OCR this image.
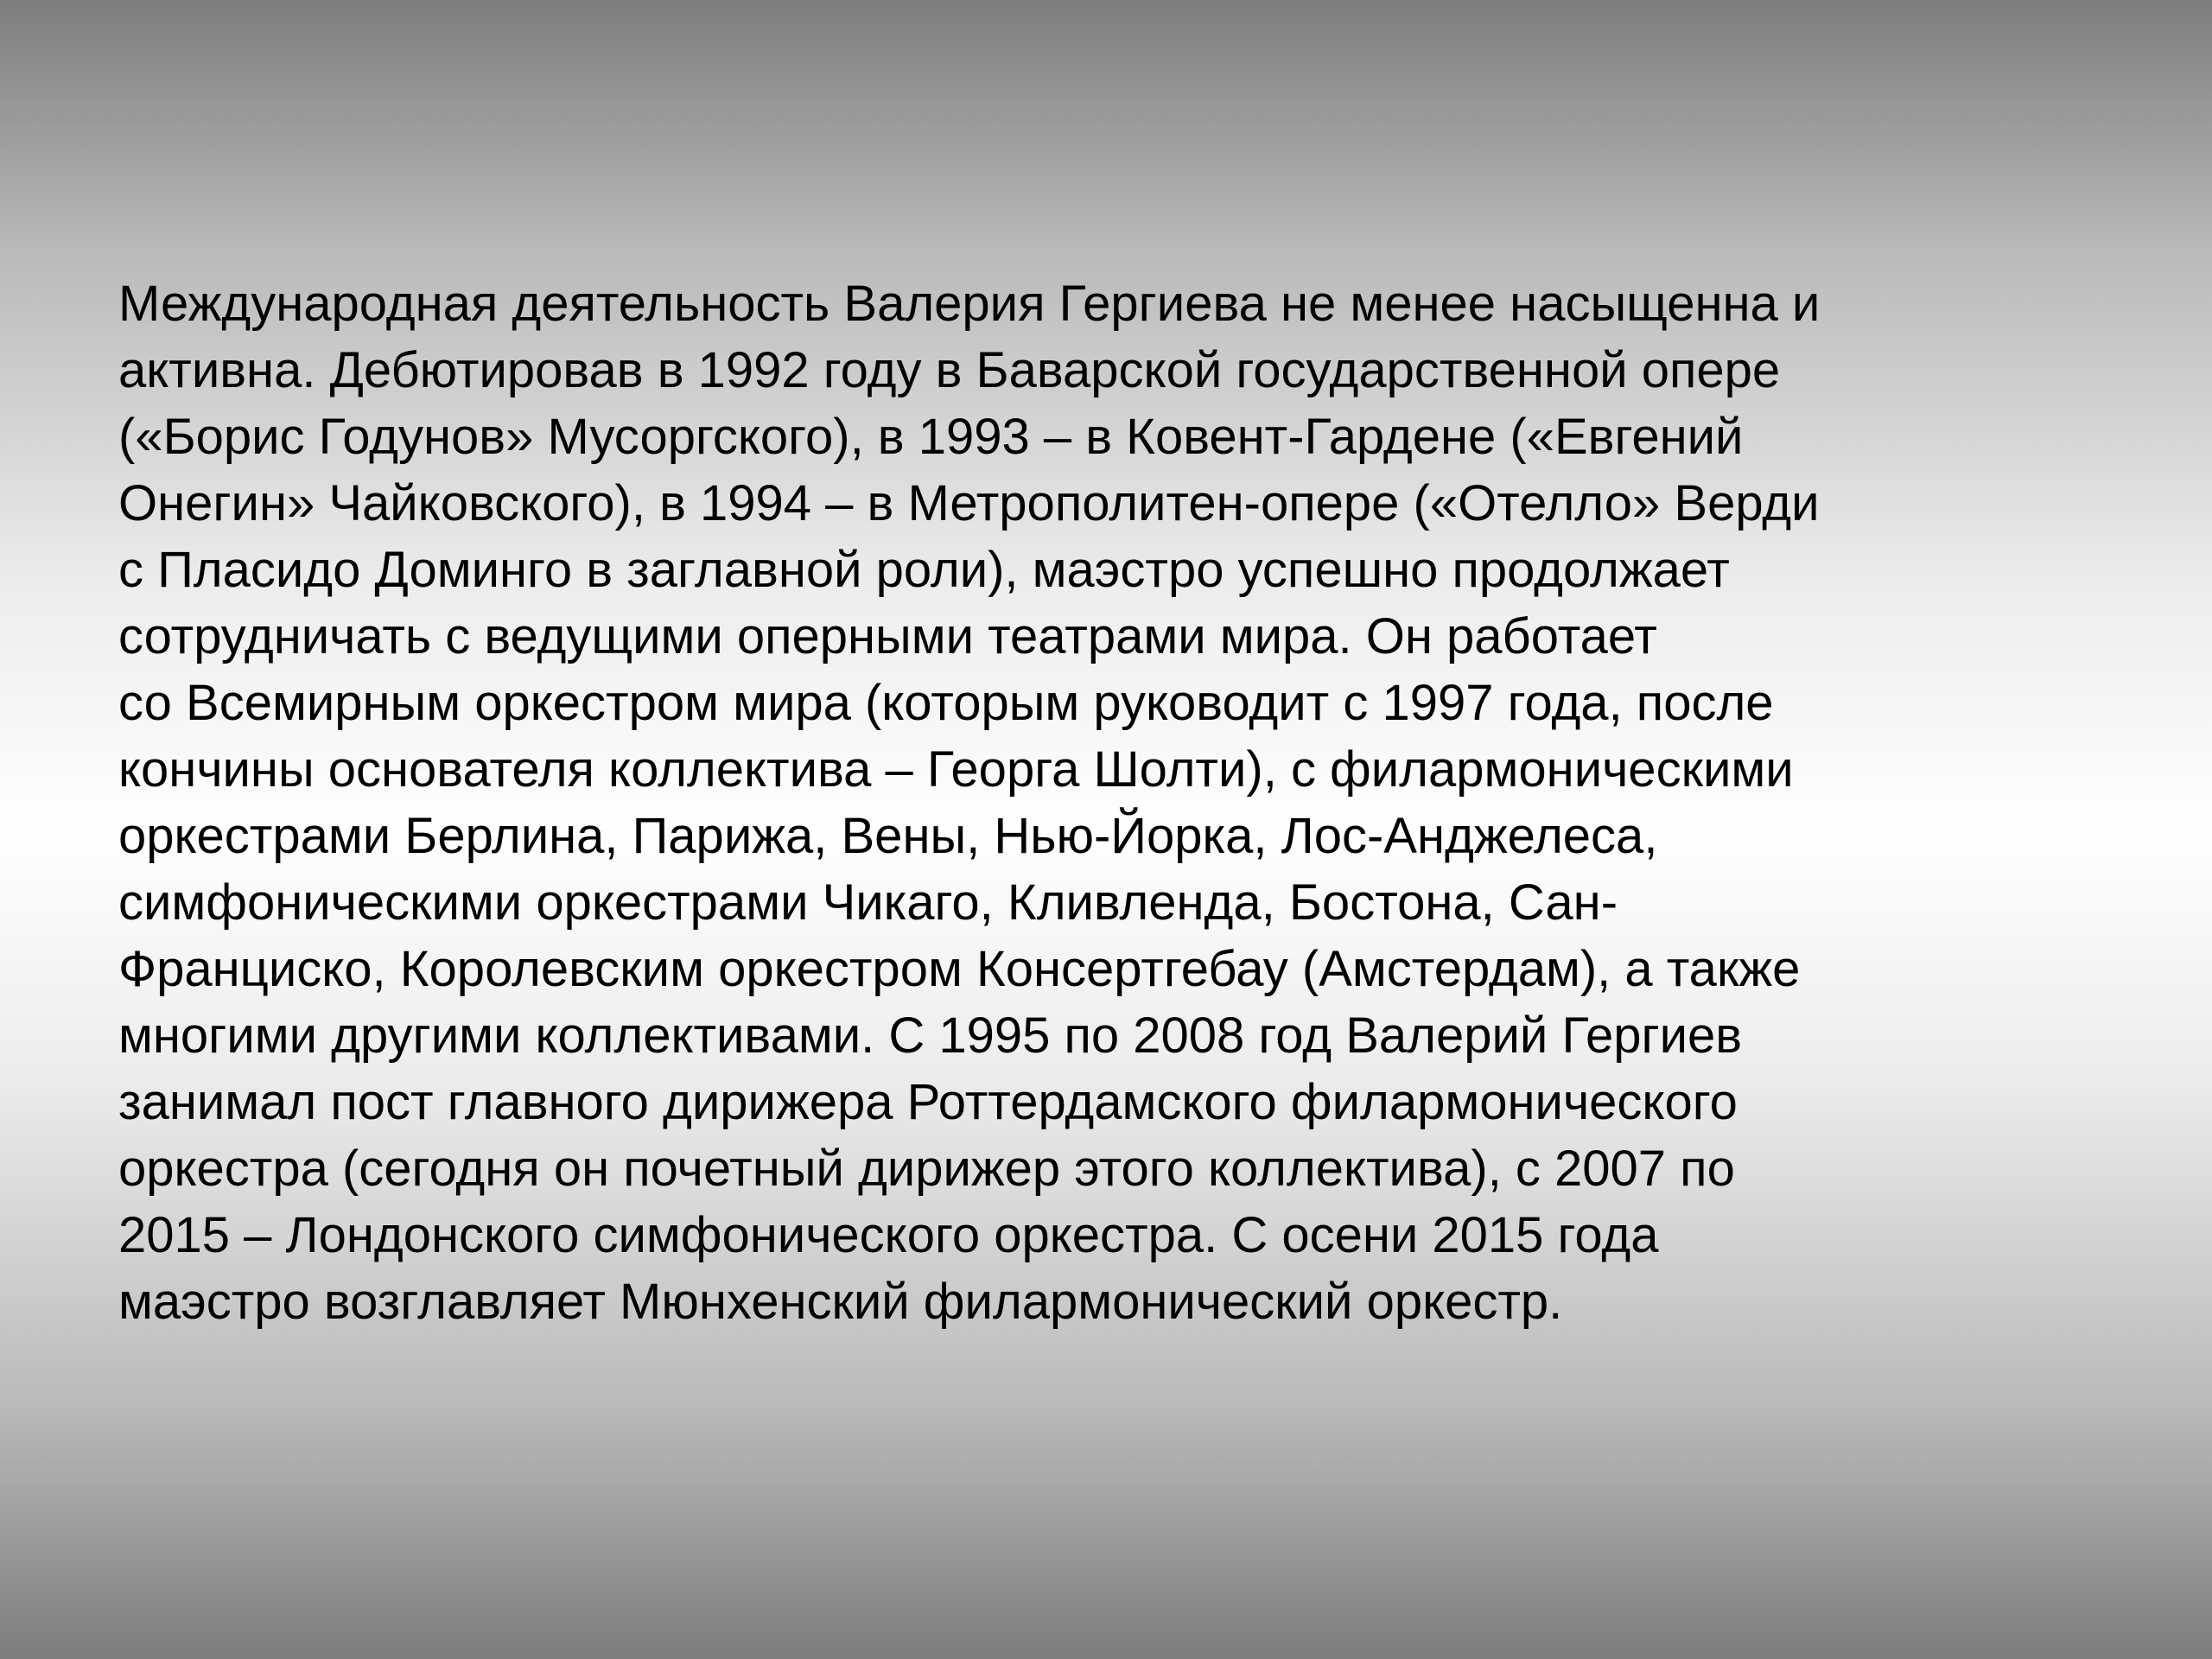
Международная деятельность Валерия Гергиева не менее насыщенна и
активна. Дебютировав в 1992 году в Баварской государственной опере
(«Борис Годунов» Мусоргского), в 1993 – в Ковент-Гардене («Евгений
Онегин» Чайковского), в 1994 – в Метрополитен-опере («Отелло» Верди
с Пласидо Доминго в заглавной роли), маэстро успешно продолжает
сотрудничать с ведущими оперными театрами мира. Он работает
со Всемирным оркестром мира (которым руководит с 1997 года, после
кончины основателя коллектива – Георга Шолти), с филармоническими
оркестрами Берлина, Парижа, Вены, Нью-Йорка, Лос-Анджелеса,
симфоническими оркестрами Чикаго, Кливленда, Бостона, Сан-
Франциско, Королевским оркестром Консертгебау (Амстердам), а также
многими другими коллективами. С 1995 по 2008 год Валерий Гергиев
занимал пост главного дирижера Роттердамского филармонического
оркестра (сегодня он почетный дирижер этого коллектива), с 2007 по
2015 – Лондонского симфонического оркестра. С осени 2015 года
маэстро возглавляет Мюнхенский филармонический оркестр.
